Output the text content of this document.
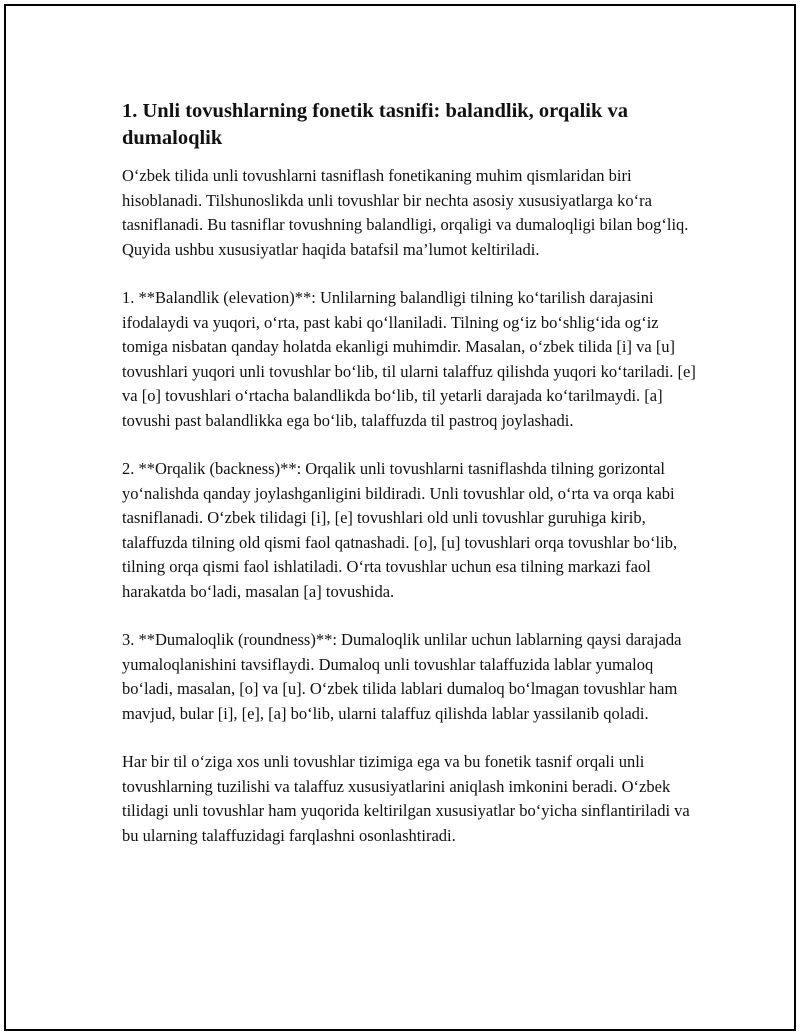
1. Unli tovushlarning fonetik tasnifi: balandlik, orqalik va dumaloqlik

O‘zbek tilida unli tovushlarni tasniflash fonetikaning muhim qismlaridan biri hisoblanadi. Tilshunoslikda unli tovushlar bir nechta asosiy xususiyatlarga ko‘ra tasniflanadi. Bu tasniflar tovushning balandligi, orqaligi va dumaloqligi bilan bog‘liq. Quyida ushbu xususiyatlar haqida batafsil ma’lumot keltiriladi.

1. **Balandlik (elevation)**: Unlilarning balandligi tilning ko‘tarilish darajasini ifodalaydi va yuqori, o‘rta, past kabi qo‘llaniladi. Tilning og‘iz bo‘shlig‘ida og‘iz tomiga nisbatan qanday holatda ekanligi muhimdir. Masalan, o‘zbek tilida [i] va [u] tovushlari yuqori unli tovushlar bo‘lib, til ularni talaffuz qilishda yuqori ko‘tariladi. [e] va [o] tovushlari o‘rtacha balandlikda bo‘lib, til yetarli darajada ko‘tarilmaydi. [a] tovushi past balandlikka ega bo‘lib, talaffuzda til pastroq joylashadi.

2. **Orqalik (backness)**: Orqalik unli tovushlarni tasniflashda tilning gorizontal yo‘nalishda qanday joylashganligini bildiradi. Unli tovushlar old, o‘rta va orqa kabi tasniflanadi. O‘zbek tilidagi [i], [e] tovushlari old unli tovushlar guruhiga kirib, talaffuzda tilning old qismi faol qatnashadi. [o], [u] tovushlari orqa tovushlar bo‘lib, tilning orqa qismi faol ishlatiladi. O‘rta tovushlar uchun esa tilning markazi faol harakatda bo‘ladi, masalan [a] tovushida.

3. **Dumaloqlik (roundness)**: Dumaloqlik unlilar uchun lablarning qaysi darajada yumaloqlanishini tavsiflaydi. Dumaloq unli tovushlar talaffuzida lablar yumaloq bo‘ladi, masalan, [o] va [u]. O‘zbek tilida lablari dumaloq bo‘lmagan tovushlar ham mavjud, bular [i], [e], [a] bo‘lib, ularni talaffuz qilishda lablar yassilanib qoladi.

Har bir til o‘ziga xos unli tovushlar tizimiga ega va bu fonetik tasnif orqali unli tovushlarning tuzilishi va talaffuz xususiyatlarini aniqlash imkonini beradi. O‘zbek tilidagi unli tovushlar ham yuqorida keltirilgan xususiyatlar bo‘yicha sinflantiriladi va bu ularning talaffuzidagi farqlashni osonlashtiradi.
